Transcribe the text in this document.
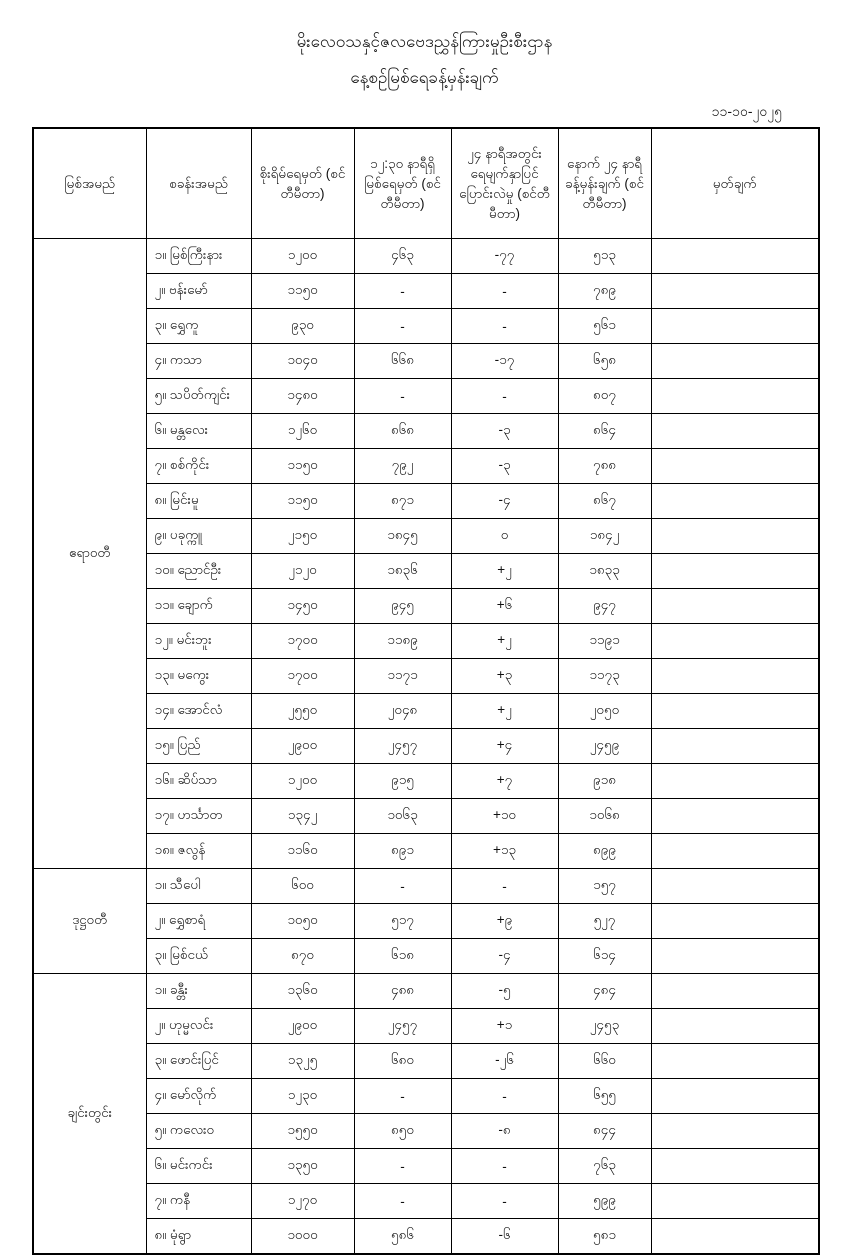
မိုးလေဝသနှင့်ဇလဗေဒညွှန်ကြားမှုဦးစီးဌာန
နေ့စဉ်မြစ်ရေခန့်မှန်းချက်
၁၁-၁၀-၂၀၂၅
မြစ်အမည်	စခန်းအမည်	စိုးရိမ်ရေမှတ် (စင်တီမီတာ)	၁၂:၃၀ နာရီရှိ မြစ်ရေမှတ် (စင်တီမီတာ)	၂၄ နာရီအတွင်း ရေမျက်နှာပြင် ပြောင်းလဲမှု (စင်တီမီတာ)	နောက် ၂၄ နာရီ ခန့်မှန်းချက် (စင်တီမီတာ)	မှတ်ချက်
ဧရာဝတီ	၁။ မြစ်ကြီးနား	၁၂၀၀	၄၆၃	-၇၇	၅၁၃	
	၂။ ဗန်းမော်	၁၁၅၀	-	-	၇၈၉	
	၃။ ရွှေကူ	၉၃၀	-	-	၅၆၁	
	၄။ ကသာ	၁၀၄၀	၆၆၈	-၁၇	၆၅၈	
	၅။ သပိတ်ကျင်း	၁၄၈၀	-	-	၈၀၇	
	၆။ မန္တလေး	၁၂၆၀	၈၆၈	-၃	၈၆၄	
	၇။ စစ်ကိုင်း	၁၁၅၀	၇၉၂	-၃	၇၈၈	
	၈။ မြင်းမူ	၁၁၅၀	၈၇၁	-၄	၈၆၇	
	၉။ ပခုက္ကူ	၂၁၅၀	၁၈၄၅	၀	၁၈၄၂	
	၁၀။ ညောင်ဦး	၂၁၂၀	၁၈၃၆	+၂	၁၈၃၃	
	၁၁။ ချောက်	၁၄၅၀	၉၄၅	+၆	၉၄၇	
	၁၂။ မင်းဘူး	၁၇၀၀	၁၁၈၉	+၂	၁၁၉၁	
	၁၃။ မကွေး	၁၇၀၀	၁၁၇၁	+၃	၁၁၇၃	
	၁၄။ အောင်လံ	၂၅၅၀	၂၀၄၈	+၂	၂၀၅၀	
	၁၅။ ပြည်	၂၉၀၀	၂၄၅၇	+၄	၂၄၅၉	
	၁၆။ ဆိပ်သာ	၁၂၀၀	၉၁၅	+၇	၉၁၈	
	၁၇။ ဟင်္သာတ	၁၃၄၂	၁၀၆၃	+၁၀	၁၀၆၈	
	၁၈။ ဇလွန်	၁၁၆၀	၈၉၁	+၁၃	၈၉၉	
ဒုဋ္ဌဝတီ	၁။ သီပေါ	၆၀၀	-	-	၁၅၇	
	၂။ ရွှေစာရံ	၁၀၅၀	၅၁၇	+၉	၅၂၇	
	၃။ မြစ်ငယ်	၈၇၀	၆၁၈	-၄	၆၁၄	
ချင်းတွင်း	၁။ ခန္တီး	၁၃၆၀	၄၈၈	-၅	၄၈၄	
	၂။ ဟုမ္မလင်း	၂၉၀၀	၂၄၅၇	+၁	၂၄၅၃	
	၃။ ဖောင်းပြင်	၁၃၂၅	၆၈၀	-၂၆	၆၆၀	
	၄။ မော်လိုက်	၁၂၃၀	-	-	၆၅၅	
	၅။ ကလေးဝ	၁၅၅၀	၈၅၀	-၈	၈၄၄	
	၆။ မင်းကင်း	၁၃၅၀	-	-	၇၆၃	
	၇။ ကနီ	၁၂၇၀	-	-	၅၉၉	
	၈။ မုံရွာ	၁၀၀၀	၅၈၆	-၆	၅၈၁	
